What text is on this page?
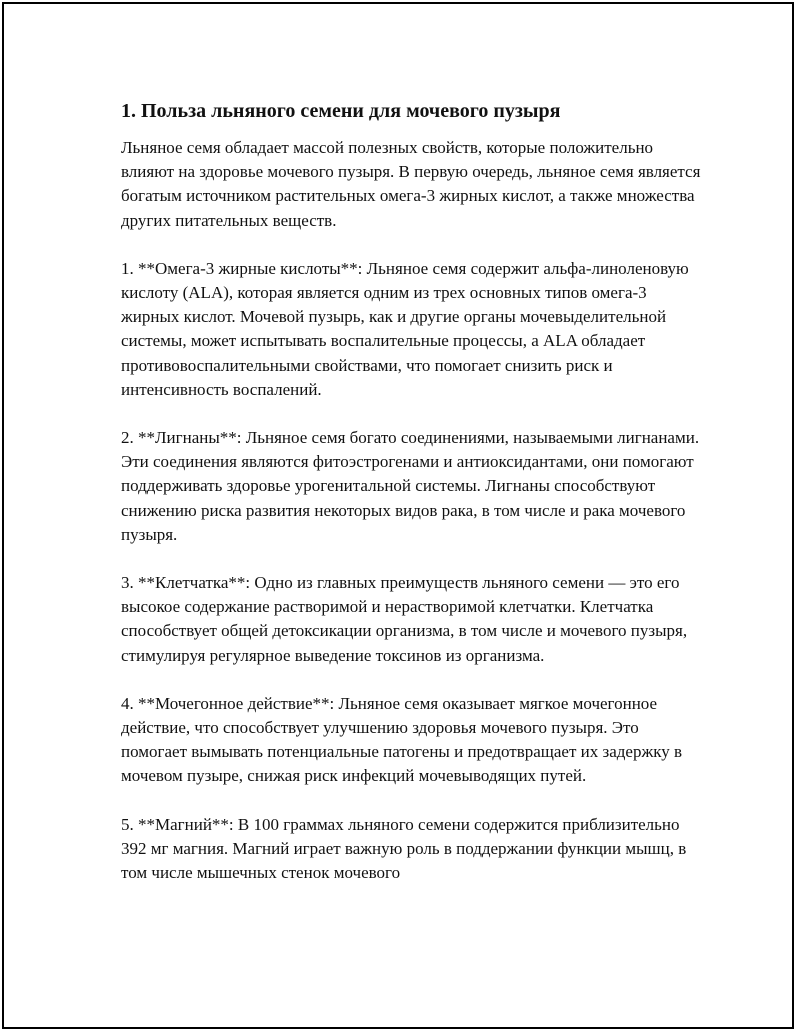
1. Польза льняного семени для мочевого пузыря

Льняное семя обладает массой полезных свойств, которые положительно влияют на здоровье мочевого пузыря. В первую очередь, льняное семя является богатым источником растительных омега-3 жирных кислот, а также множества других питательных веществ.

1. **Омега-3 жирные кислоты**: Льняное семя содержит альфа-линоленовую кислоту (ALA), которая является одним из трех основных типов омега-3 жирных кислот. Мочевой пузырь, как и другие органы мочевыделительной системы, может испытывать воспалительные процессы, а ALA обладает противовоспалительными свойствами, что помогает снизить риск и интенсивность воспалений.

2. **Лигнаны**: Льняное семя богато соединениями, называемыми лигнанами. Эти соединения являются фитоэстрогенами и антиоксидантами, они помогают поддерживать здоровье урогенитальной системы. Лигнаны способствуют снижению риска развития некоторых видов рака, в том числе и рака мочевого пузыря.

3. **Клетчатка**: Одно из главных преимуществ льняного семени — это его высокое содержание растворимой и нерастворимой клетчатки. Клетчатка способствует общей детоксикации организма, в том числе и мочевого пузыря, стимулируя регулярное выведение токсинов из организма.

4. **Мочегонное действие**: Льняное семя оказывает мягкое мочегонное действие, что способствует улучшению здоровья мочевого пузыря. Это помогает вымывать потенциальные патогены и предотвращает их задержку в мочевом пузыре, снижая риск инфекций мочевыводящих путей.

5. **Магний**: В 100 граммах льняного семени содержится приблизительно 392 мг магния. Магний играет важную роль в поддержании функции мышц, в том числе мышечных стенок мочевого
